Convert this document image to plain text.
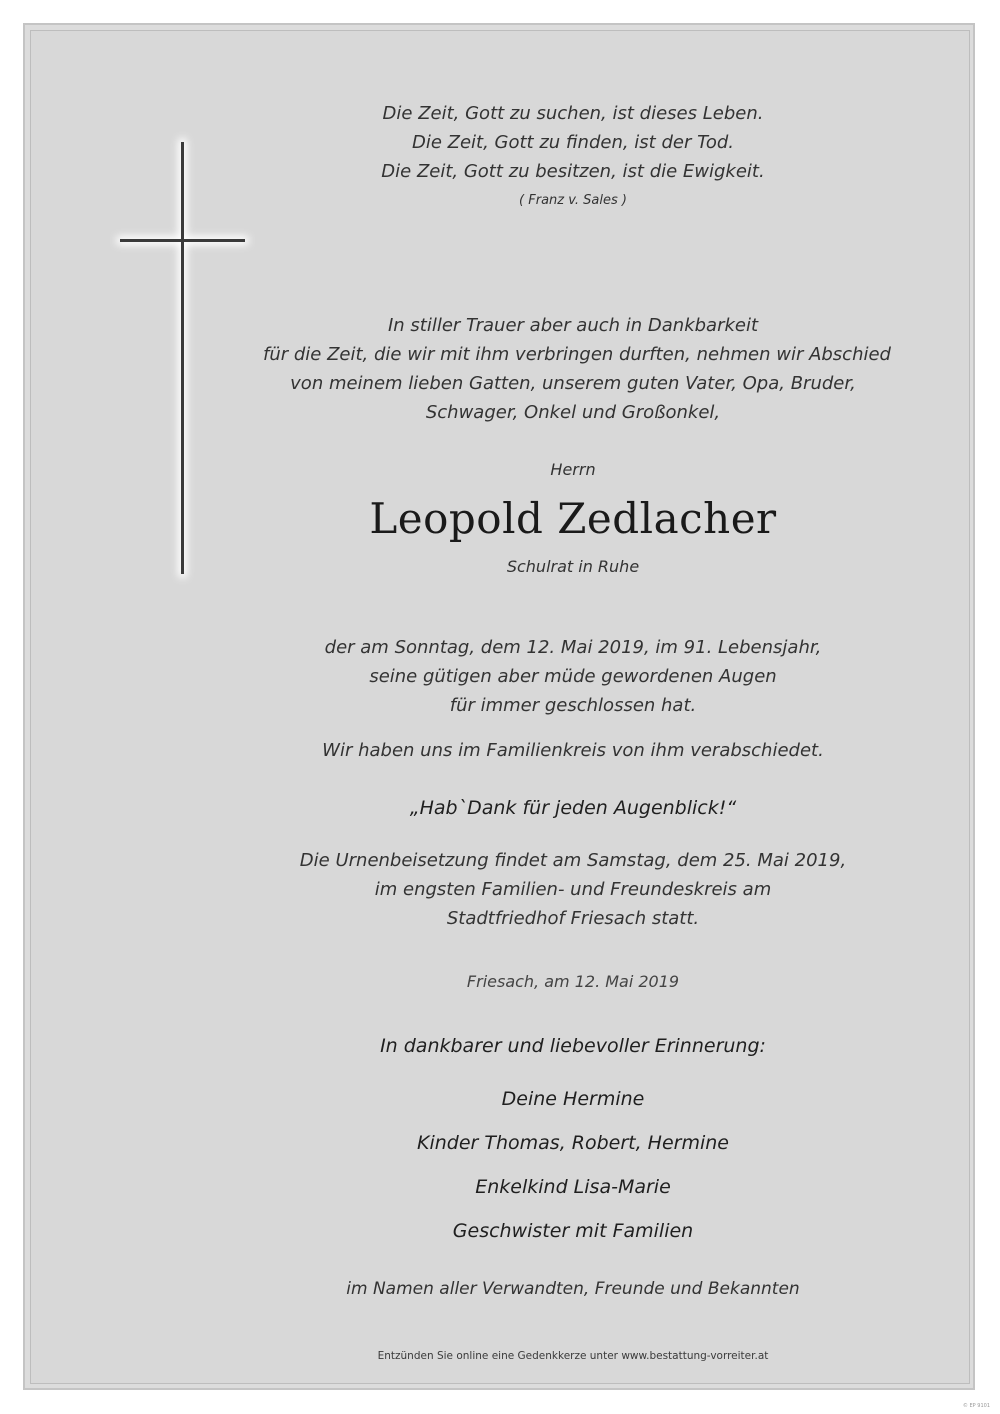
Die Zeit, Gott zu suchen, ist dieses Leben.
Die Zeit, Gott zu finden, ist der Tod.
Die Zeit, Gott zu besitzen, ist die Ewigkeit.
( Franz v. Sales )
In stiller Trauer aber auch in Dankbarkeit
für die Zeit, die wir mit ihm verbringen durften, nehmen wir Abschied
von meinem lieben Gatten, unserem guten Vater, Opa, Bruder,
Schwager, Onkel und Großonkel,
Herrn
Leopold Zedlacher
Schulrat in Ruhe
der am Sonntag, dem 12. Mai 2019, im 91. Lebensjahr,
seine gütigen aber müde gewordenen Augen
für immer geschlossen hat.
Wir haben uns im Familienkreis von ihm verabschiedet.
„Hab`Dank für jeden Augenblick!“
Die Urnenbeisetzung findet am Samstag, dem 25. Mai 2019,
im engsten Familien- und Freundeskreis am
Stadtfriedhof Friesach statt.
Friesach, am 12. Mai 2019
In dankbarer und liebevoller Erinnerung:
Deine Hermine
Kinder Thomas, Robert, Hermine
Enkelkind Lisa-Marie
Geschwister mit Familien
im Namen aller Verwandten, Freunde und Bekannten
Entzünden Sie online eine Gedenkkerze unter www.bestattung-vorreiter.at
© EP 9101
